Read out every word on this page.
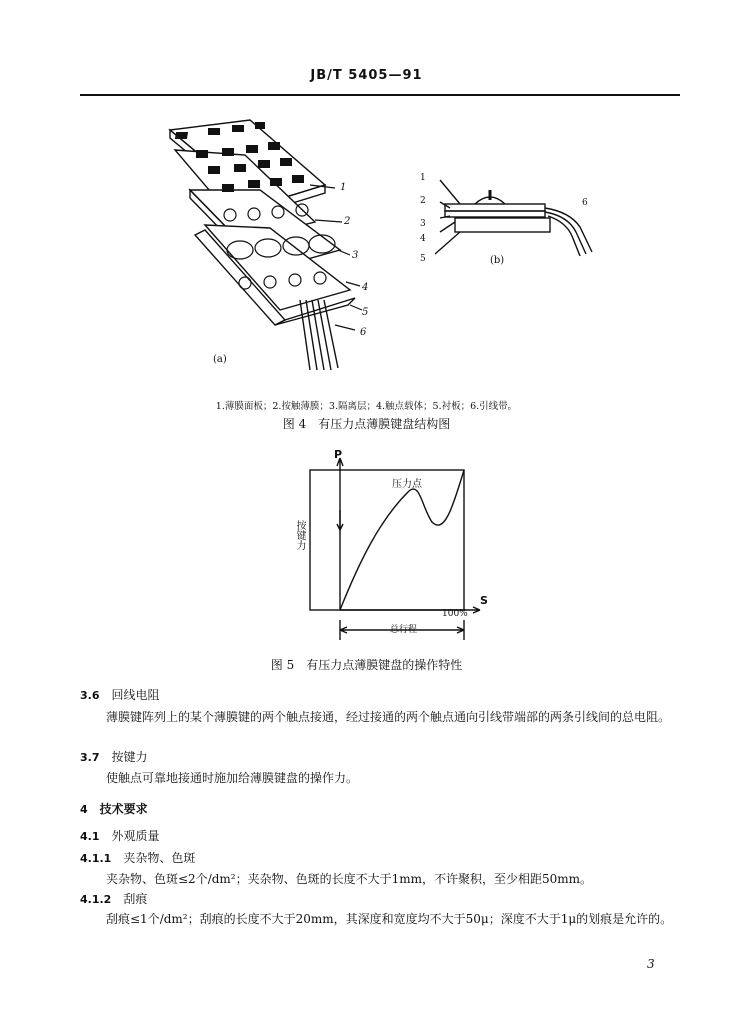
JB/T 5405—91
1
2
3
4
5
6
(a)
1
2
3
4
5
6
(b)
1.薄膜面板；2.按触薄膜；3.隔离层；4.触点载体；5.衬板；6.引线带。
图 4　有压力点薄膜键盘结构图
P
S
按键力
压力点
100%
总行程
图 5　有压力点薄膜键盘的操作特性
3.6　 回线电阻
薄膜键阵列上的某个薄膜键的两个触点接通，经过接通的两个触点通向引线带端部的两条引线间的总电阻。
3.7　 按键力
使触点可靠地接通时施加给薄膜键盘的操作力。
4　 技术要求
4.1　 外观质量
4.1.1　 夹杂物、色斑
夹杂物、色斑≤2个/dm²；夹杂物、色斑的长度不大于1mm，不许聚积，至少相距50mm。
4.1.2　 刮痕
刮痕≤1个/dm²；刮痕的长度不大于20mm，其深度和宽度均不大于50μ；深度不大于1μ的划痕是允许的。
3
